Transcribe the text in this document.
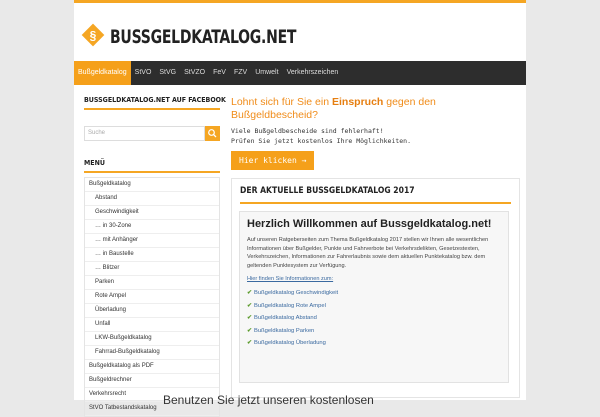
§ BUSSGELDKATALOG.NET
Bußgeldkatalog	StVO	StVG	StVZO	FeV	FZV	Umwelt	Verkehrszeichen
BUSSGELDKATALOG.NET AUF FACEBOOK
Suche
MENÜ
Bußgeldkatalog
Abstand
Geschwindigkeit
… in 30-Zone
… mit Anhänger
… in Baustelle
… Blitzer
Parken
Rote Ampel
Überladung
Unfall
LKW-Bußgeldkatalog
Fahrrad-Bußgeldkatalog
Bußgeldkatalog als PDF
Bußgeldrechner
Verkehrsrecht
StVO Tatbestandskatalog
Lohnt sich für Sie ein Einspruch gegen den Bußgeldbescheid?
Viele Bußgeldbescheide sind fehlerhaft!
Prüfen Sie jetzt kostenlos Ihre Möglichkeiten.
Hier klicken →
DER AKTUELLE BUSSGELDKATALOG 2017
Herzlich Willkommen auf Bussgeldkatalog.net!

Auf unseren Ratgeberseiten zum Thema Bußgeldkatalog 2017 stellen wir Ihnen alle wesentlichen Informationen über Bußgelder, Punkte und Fahrverbote bei Verkehrsdelikten, Gesetzestexten, Verkehrszeichen, Informationen zur Fahrerlaubnis sowie dem aktuellen Punktekatalog bzw. dem geltenden Punktesystem zur Verfügung.

Hier finden Sie Informationen zum:
✔ Bußgeldkatalog Geschwindigkeit
✔ Bußgeldkatalog Rote Ampel
✔ Bußgeldkatalog Abstand
✔ Bußgeldkatalog Parken
✔ Bußgeldkatalog Überladung
Benutzen Sie jetzt unseren kostenlosen
